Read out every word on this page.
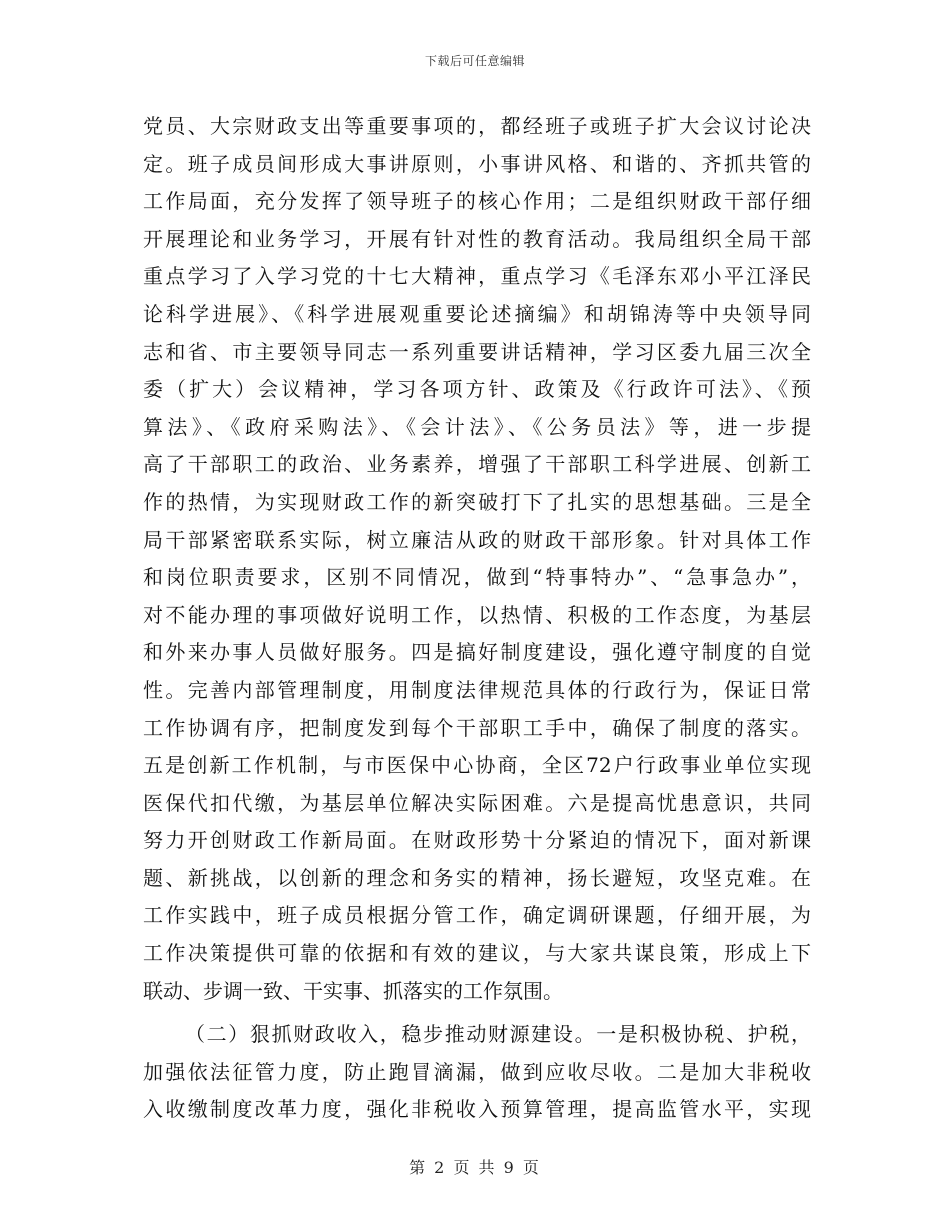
下载后可任意编辑
党员、大宗财政支出等重要事项的，都经班子或班子扩大会议讨论决
定。班子成员间形成大事讲原则，小事讲风格、和谐的、齐抓共管的
工作局面，充分发挥了领导班子的核心作用；二是组织财政干部仔细
开展理论和业务学习，开展有针对性的教育活动。我局组织全局干部
重点学习了入学习党的十七大精神，重点学习《毛泽东邓小平江泽民
论科学进展》、《科学进展观重要论述摘编》和胡锦涛等中央领导同
志和省、市主要领导同志一系列重要讲话精神，学习区委九届三次全
委（扩大）会议精神，学习各项方针、政策及《行政许可法》、《预
算法》、《政府采购法》、《会计法》、《公务员法》等，进一步提
高了干部职工的政治、业务素养，增强了干部职工科学进展、创新工
作的热情，为实现财政工作的新突破打下了扎实的思想基础。三是全
局干部紧密联系实际，树立廉洁从政的财政干部形象。针对具体工作
和岗位职责要求，区别不同情况，做到“特事特办”、“急事急办”，
对不能办理的事项做好说明工作，以热情、积极的工作态度，为基层
和外来办事人员做好服务。四是搞好制度建设，强化遵守制度的自觉
性。完善内部管理制度，用制度法律规范具体的行政行为，保证日常
工作协调有序，把制度发到每个干部职工手中，确保了制度的落实。
五是创新工作机制，与市医保中心协商，全区72户行政事业单位实现
医保代扣代缴，为基层单位解决实际困难。六是提高忧患意识，共同
努力开创财政工作新局面。在财政形势十分紧迫的情况下，面对新课
题、新挑战，以创新的理念和务实的精神，扬长避短，攻坚克难。在
工作实践中，班子成员根据分管工作，确定调研课题，仔细开展，为
工作决策提供可靠的依据和有效的建议，与大家共谋良策，形成上下
联动、步调一致、干实事、抓落实的工作氛围。
（二）狠抓财政收入，稳步推动财源建设。一是积极协税、护税，
加强依法征管力度，防止跑冒滴漏，做到应收尽收。二是加大非税收
入收缴制度改革力度，强化非税收入预算管理，提高监管水平，实现
第 2 页 共 9 页
